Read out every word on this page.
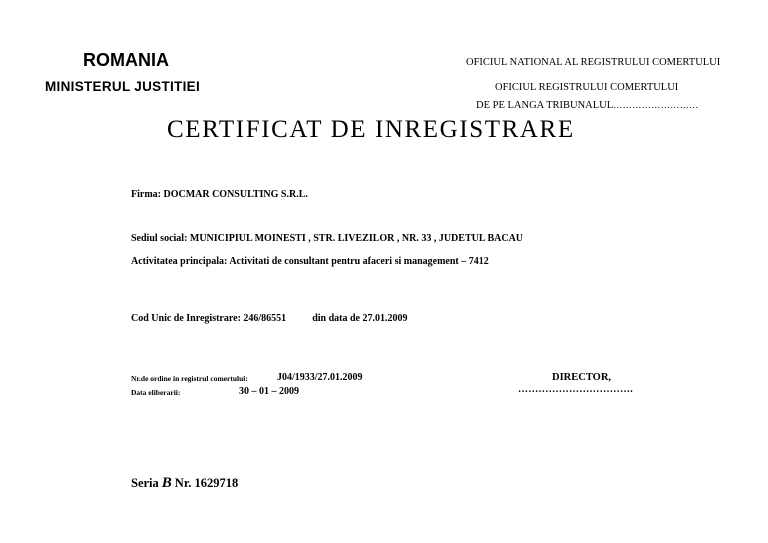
ROMANIA
MINISTERUL JUSTITIEI
OFICIUL NATIONAL AL REGISTRULUI COMERTULUI
OFICIUL REGISTRULUI COMERTULUI
DE PE LANGA TRIBUNALUL………………………
CERTIFICAT DE INREGISTRARE
Firma: DOCMAR CONSULTING S.R.L.
Sediul social: MUNICIPIUL MOINESTI , STR. LIVEZILOR , NR. 33 , JUDETUL BACAU
Activitatea principala: Activitati de consultant pentru afaceri si management – 7412
Cod Unic de Inregistrare: 246/86551	din data de 27.01.2009
Nr.de ordine in registrul comertului:	J04/1933/27.01.2009
Data eliberarii:	30 – 01 – 2009
DIRECTOR,
…………………………….
Seria B Nr. 1629718
